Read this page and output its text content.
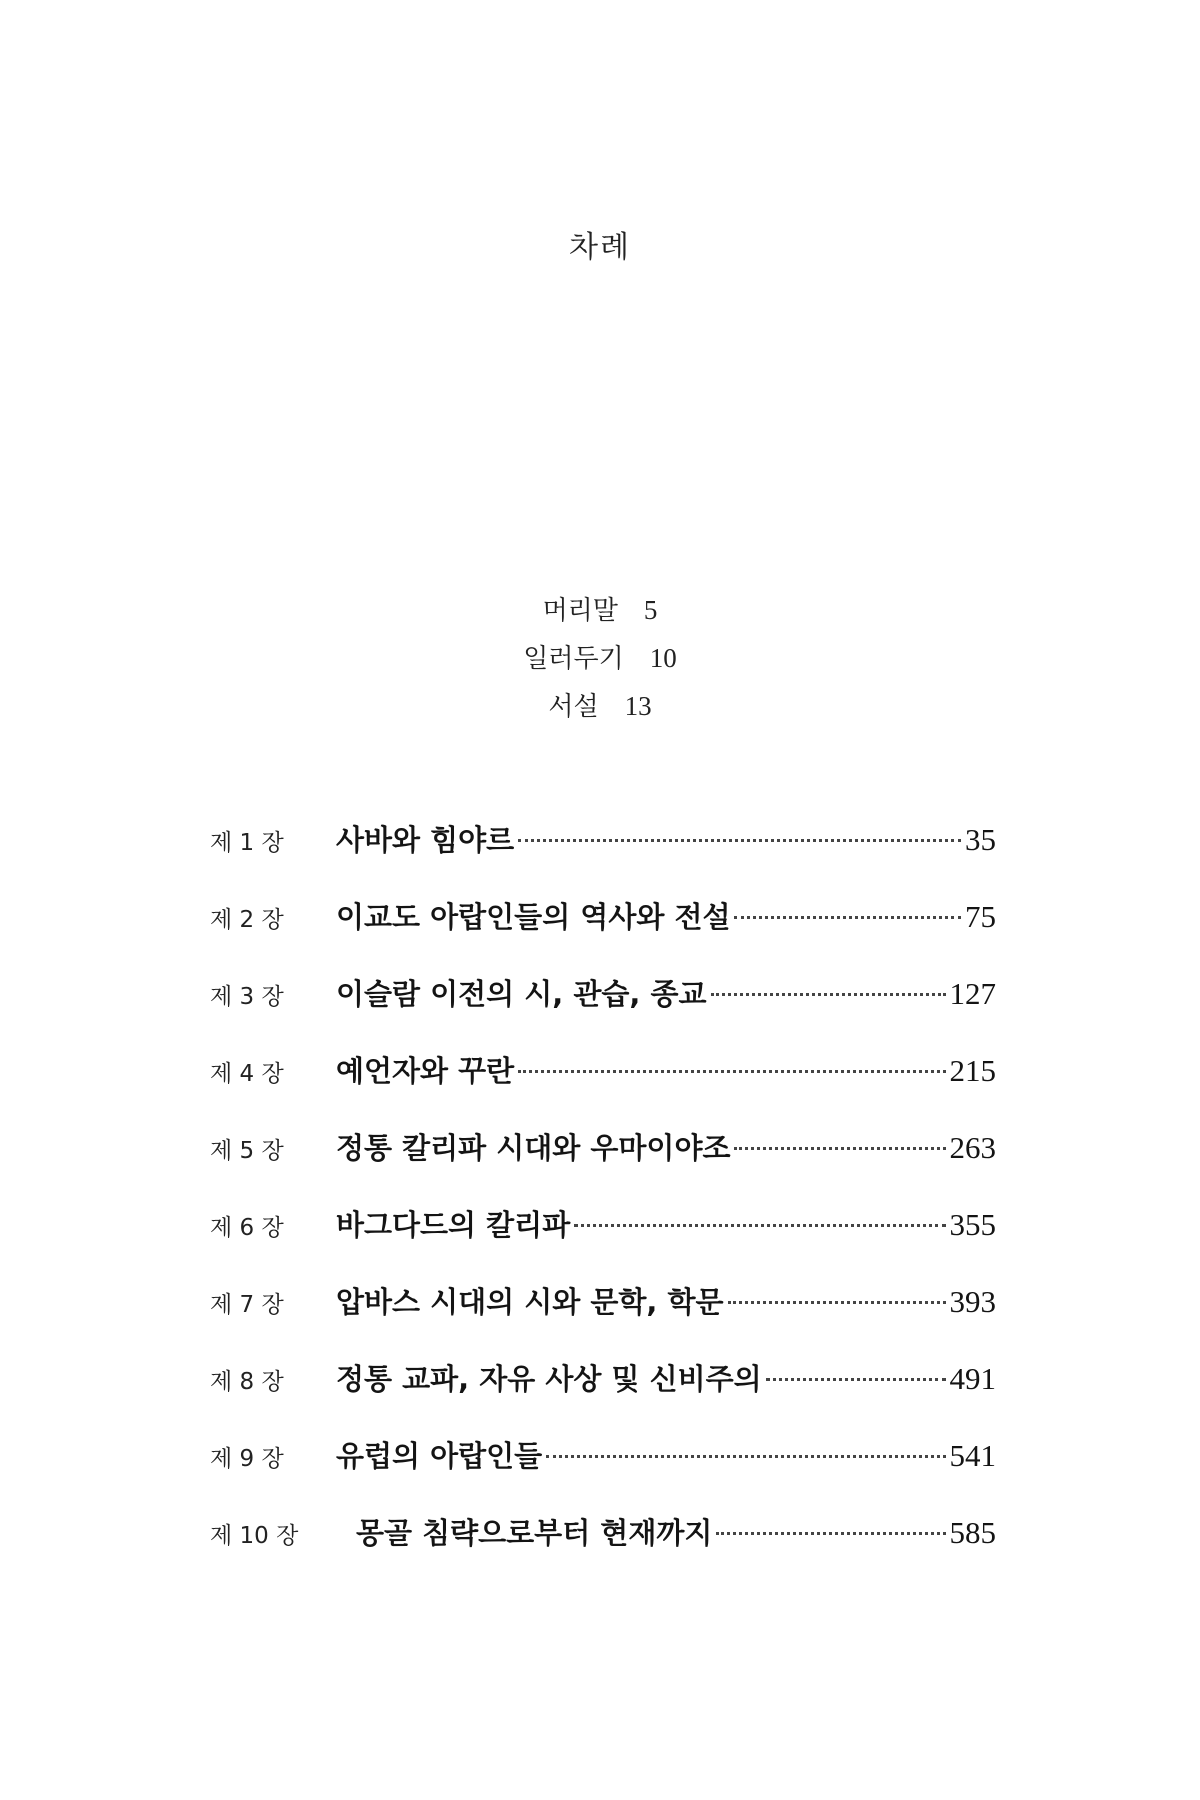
차례
머리말 5
일러두기 10
서설 13
제 1 장	사바와 힘야르	35
제 2 장	이교도 아랍인들의 역사와 전설	75
제 3 장	이슬람 이전의 시, 관습, 종교	127
제 4 장	예언자와 꾸란	215
제 5 장	정통 칼리파 시대와 우마이야조	263
제 6 장	바그다드의 칼리파	355
제 7 장	압바스 시대의 시와 문학, 학문	393
제 8 장	정통 교파, 자유 사상 및 신비주의	491
제 9 장	유럽의 아랍인들	541
제 10 장	몽골 침략으로부터 현재까지	585
